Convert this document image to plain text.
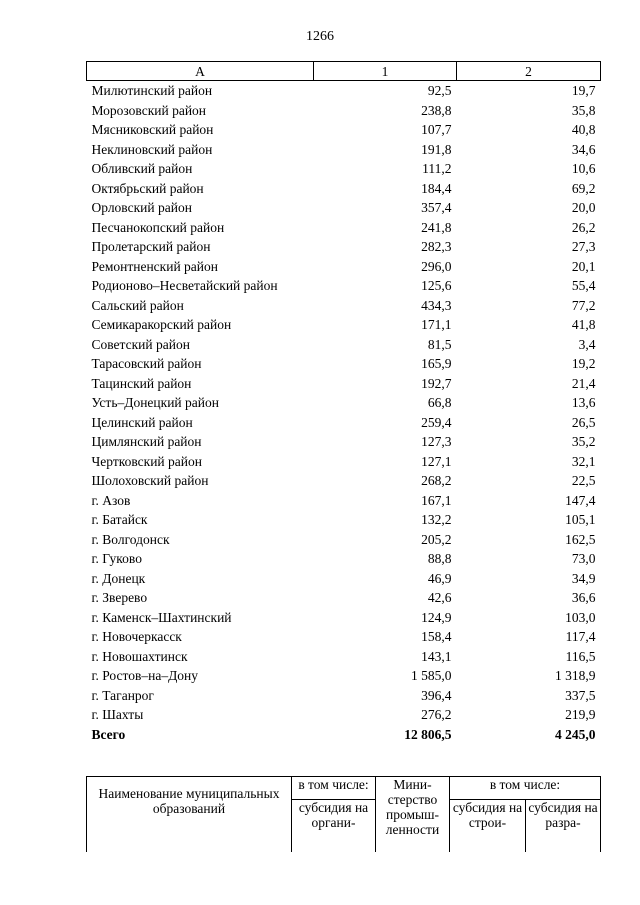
1266
А	1	2
Милютинский район	92,5	19,7
Морозовский район	238,8	35,8
Мясниковский район	107,7	40,8
Неклиновский район	191,8	34,6
Обливский район	111,2	10,6
Октябрьский район	184,4	69,2
Орловский район	357,4	20,0
Песчанокопский район	241,8	26,2
Пролетарский район	282,3	27,3
Ремонтненский район	296,0	20,1
Родионово–Несветайский район	125,6	55,4
Сальский район	434,3	77,2
Семикаракорский район	171,1	41,8
Советский район	81,5	3,4
Тарасовский район	165,9	19,2
Тацинский район	192,7	21,4
Усть–Донецкий район	66,8	13,6
Целинский район	259,4	26,5
Цимлянский район	127,3	35,2
Чертковский район	127,1	32,1
Шолоховский район	268,2	22,5
г. Азов	167,1	147,4
г. Батайск	132,2	105,1
г. Волгодонск	205,2	162,5
г. Гуково	88,8	73,0
г. Донецк	46,9	34,9
г. Зверево	42,6	36,6
г. Каменск–Шахтинский	124,9	103,0
г. Новочеркасск	158,4	117,4
г. Новошахтинск	143,1	116,5
г. Ростов–на–Дону	1 585,0	1 318,9
г. Таганрог	396,4	337,5
г. Шахты	276,2	219,9
Всего	12 806,5	4 245,0
Наименование муниципальных образований	в том числе:	Мини-стерство промыш-ленности	в том числе:	
	субсидия на органи-		субсидия на строи-	субсидия на разра-
